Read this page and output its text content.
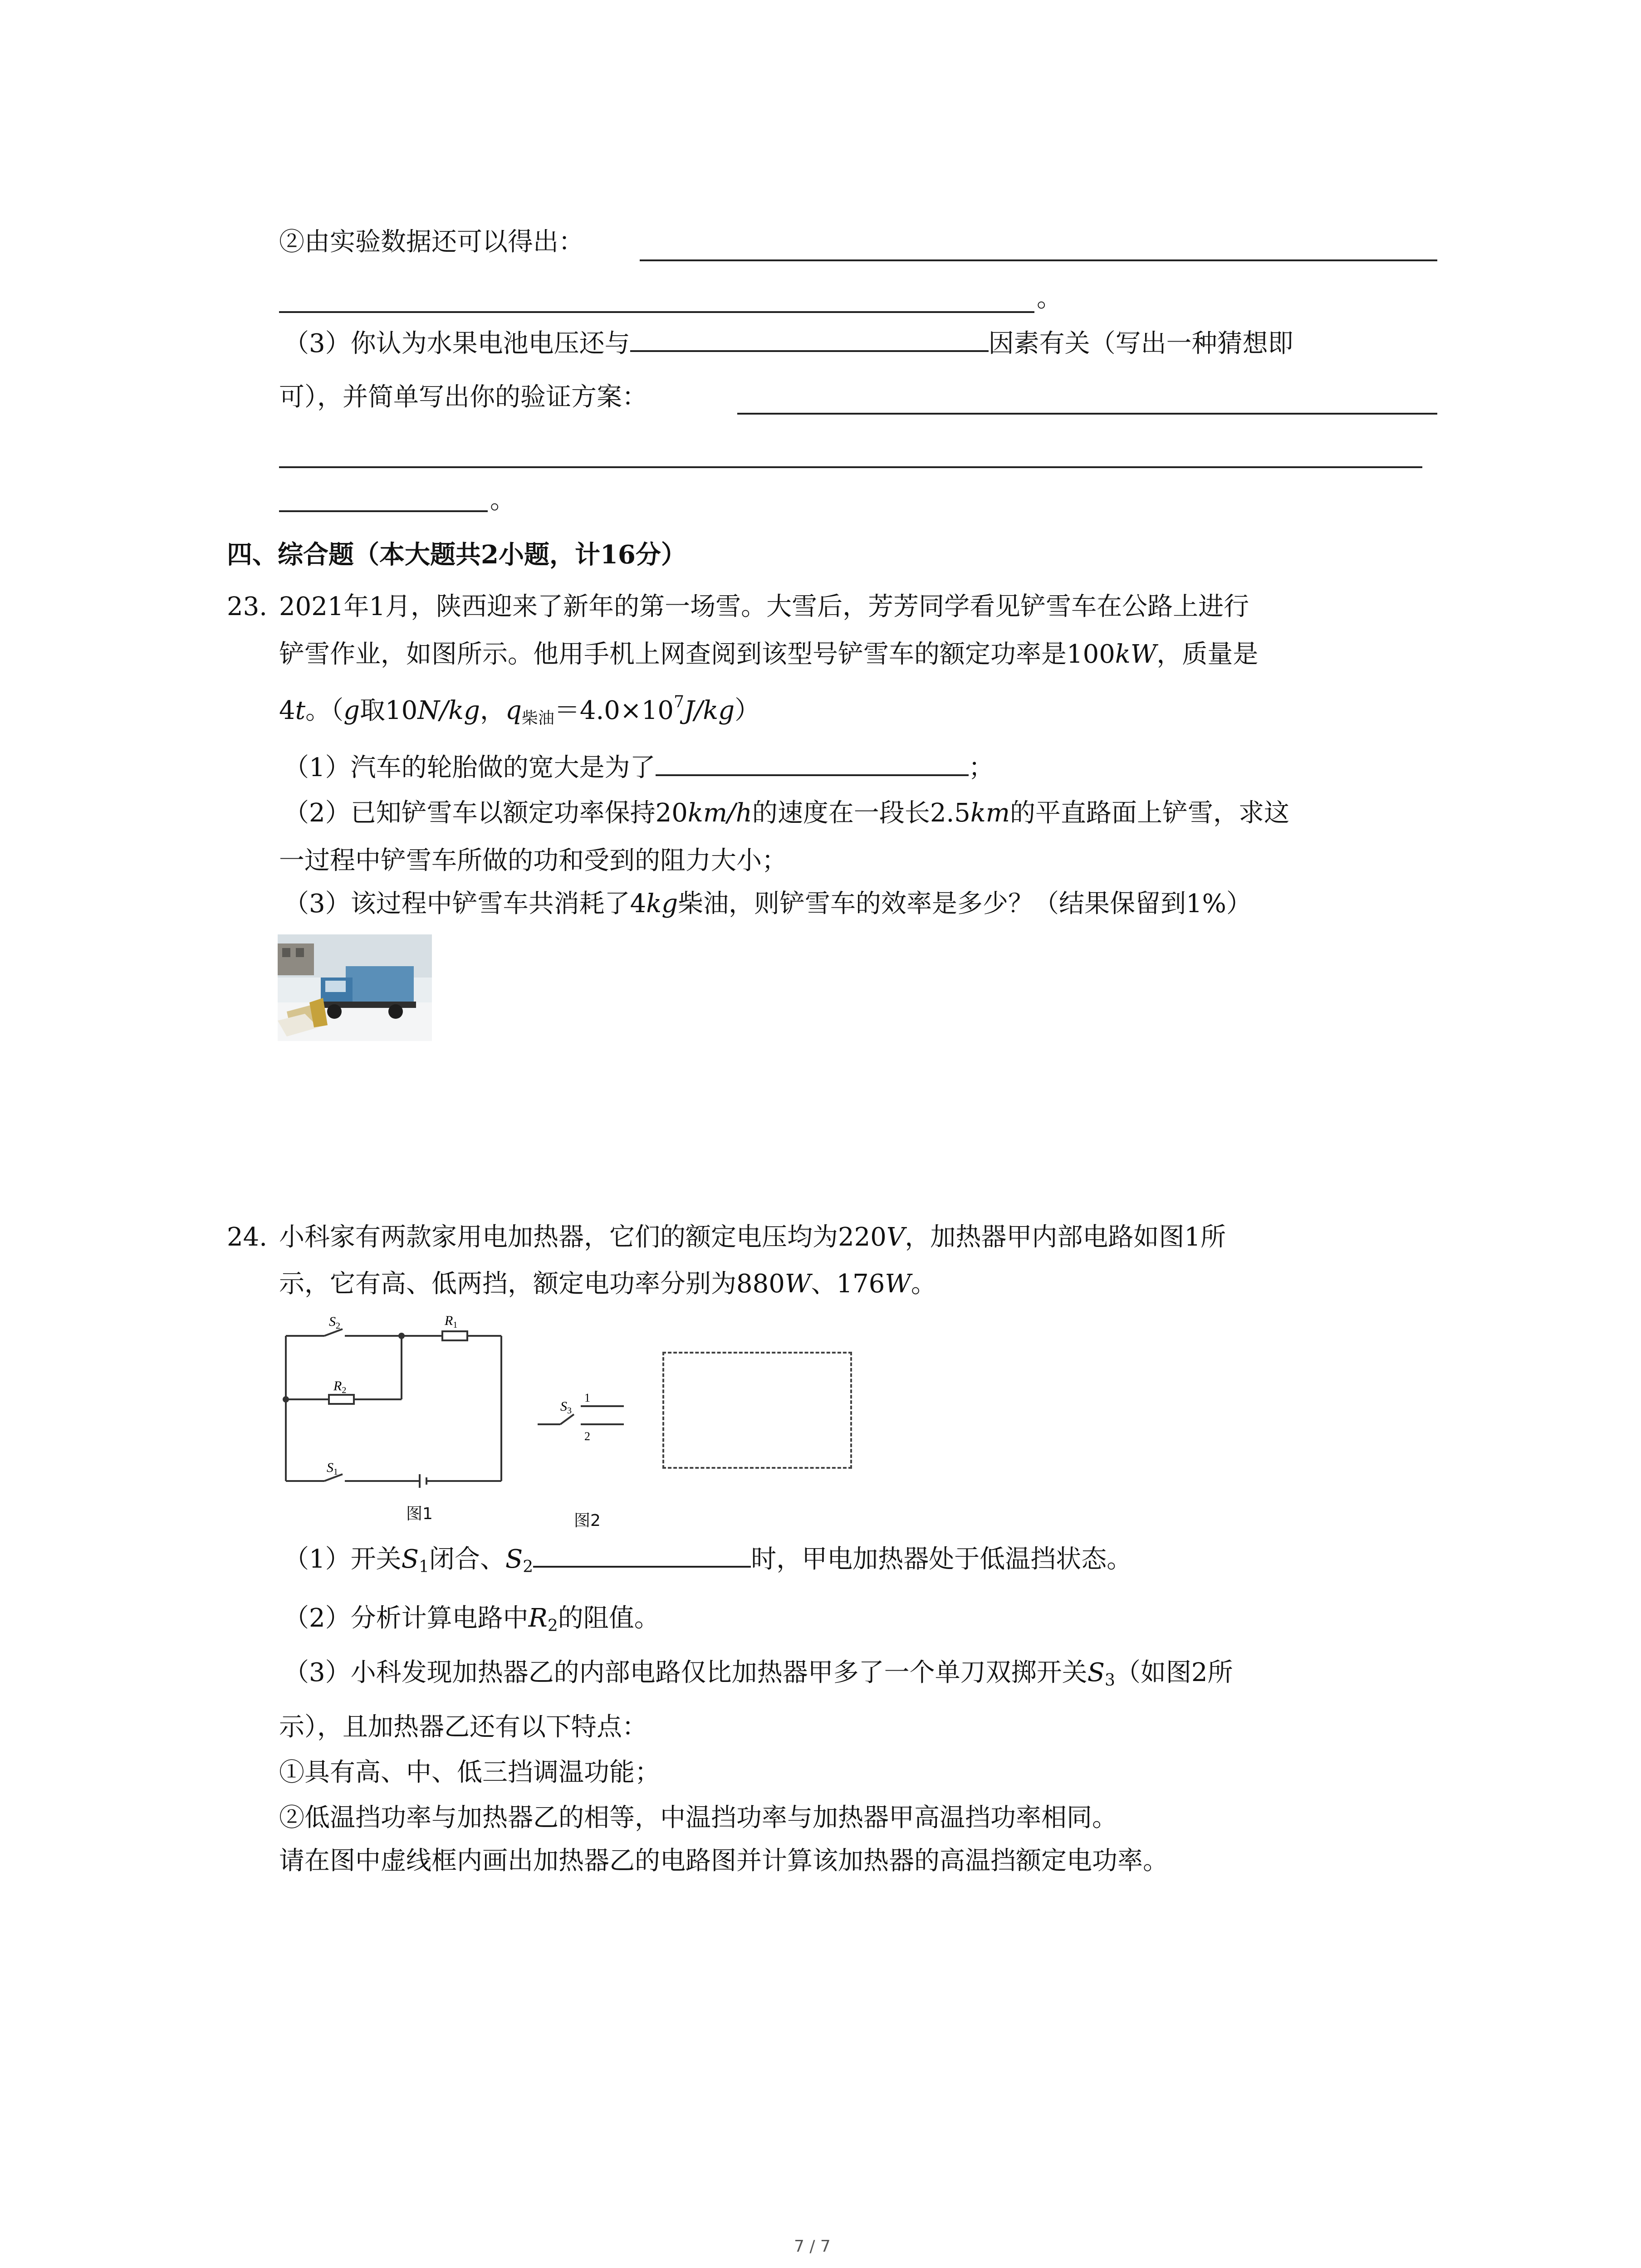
②由实验数据还可以得出：
。
（3）你认为水果电池电压还与	因素有关（写出一种猜想即
可），并简单写出你的验证方案：
。
四、综合题（本大题共2小题，计16分）
23. 2021年1月，陕西迎来了新年的第一场雪。大雪后，芳芳同学看见铲雪车在公路上进行
铲雪作业，如图所示。他用手机上网查阅到该型号铲雪车的额定功率是100kW，质量是
4t。（g取10N/kg，$q_{柴油}=4.0\times 10^7J/kg$）
（1）汽车的轮胎做的宽大是为了	；
（2）已知铲雪车以额定功率保持20km/h的速度在一段长2.5km的平直路面上铲雪，求这
一过程中铲雪车所做的功和受到的阻力大小；
（3）该过程中铲雪车共消耗了4kg柴油，则铲雪车的效率是多少？（结果保留到1%）
24. 小科家有两款家用电加热器，它们的额定电压均为220V，加热器甲内部电路如图1所
示，它有高、低两挡，额定电功率分别为880W、176W。
$S_2$	$R_1$
$R_2$
$S_1$
图1
$S_3$
1
2
图2
（1）开关$S_1$闭合、$S_2$	时，甲电加热器处于低温挡状态。
（2）分析计算电路中$R_2$的阻值。
（3）小科发现加热器乙的内部电路仅比加热器甲多了一个单刀双掷开关$S_3$（如图2所
示），且加热器乙还有以下特点：
①具有高、中、低三挡调温功能；
②低温挡功率与加热器乙的相等，中温挡功率与加热器甲高温挡功率相同。
请在图中虚线框内画出加热器乙的电路图并计算该加热器的高温挡额定电功率。
7 / 7
